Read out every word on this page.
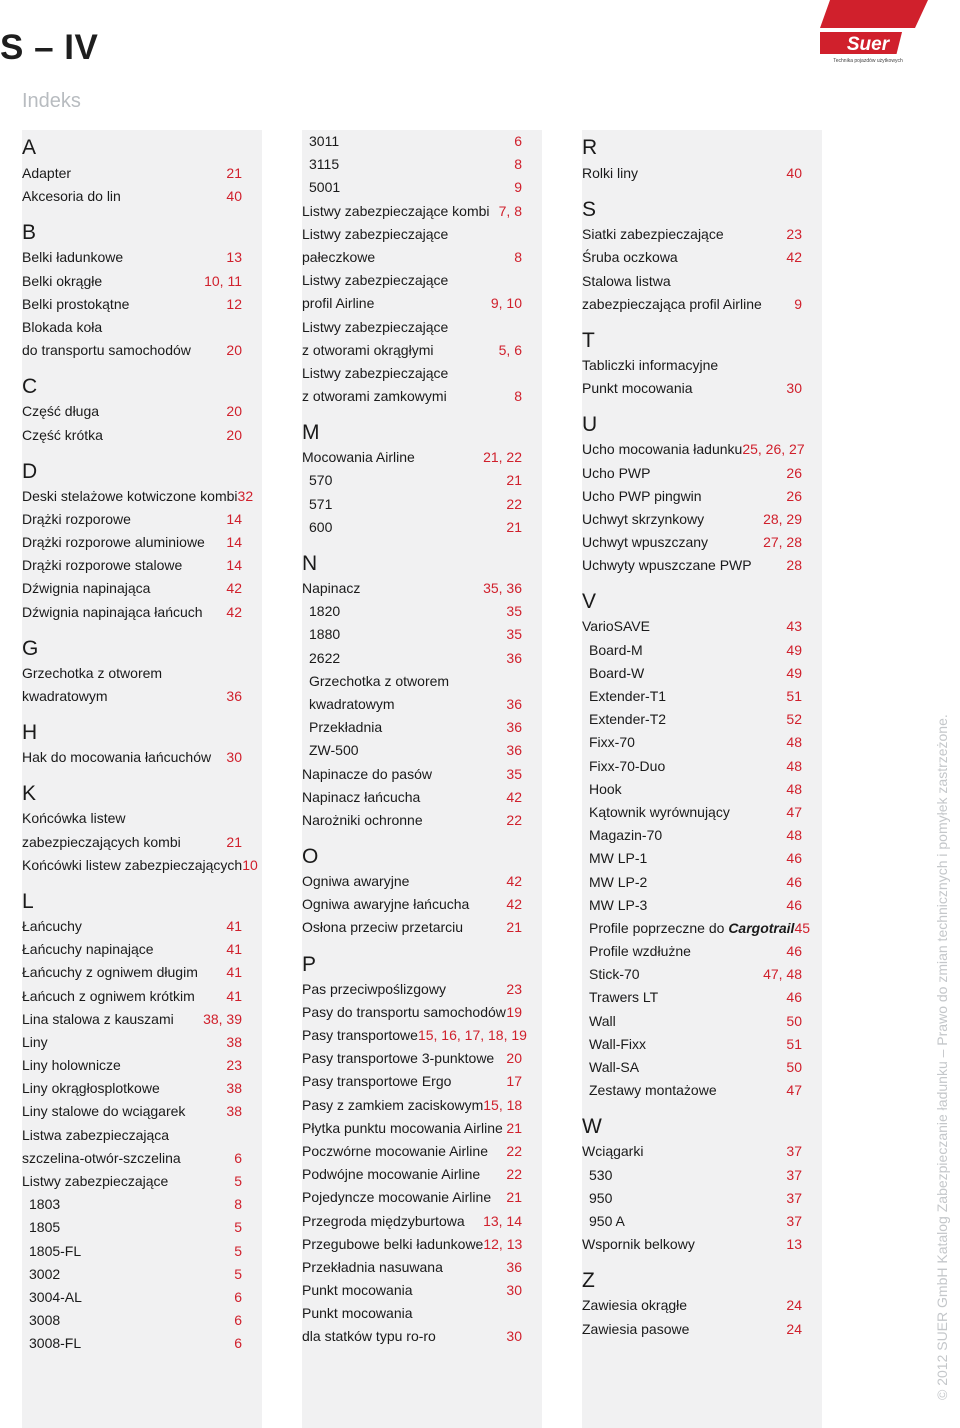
S – IV
Indeks
Suer
Technika pojazdów użytkowych
A
Adapter	21
Akcesoria do lin	40
B
Belki ładunkowe	13
Belki okrągłe	10, 11
Belki prostokątne	12
Blokada koła
do transportu samochodów	20
C
Część długa	20
Część krótka	20
D
Deski stelażowe kotwiczone kombi 32
Drążki rozporowe	14
Drążki rozporowe aluminiowe 14
Drążki rozporowe stalowe	14
Dźwignia napinająca	42
Dźwignia napinająca łańcuch 42
G
Grzechotka z otworem
kwadratowym	36
H
Hak do mocowania łańcuchów 30
K
Końcówka listew
zabezpieczających kombi	21
Końcówki listew zabezpieczających 10
L
Łańcuchy	41
Łańcuchy napinające	41
Łańcuchy z ogniwem długim 41
Łańcuch z ogniwem krótkim 41
Lina stalowa z kauszami 38, 39
Liny	38
Liny holownicze	23
Liny okrągłosplotkowe	38
Liny stalowe do wciągarek	38
Listwa zabezpieczająca
szczelina-otwór-szczelina	6
Listwy zabezpieczające	5
1803	8
1805	5
1805-FL	5
3002	5
3004-AL	6
3008	6
3008-FL	6
3011	6
3115	8
5001	9
Listwy zabezpieczające kombi 7, 8
Listwy zabezpieczające
pałeczkowe	8
Listwy zabezpieczające
profil Airline	9, 10
Listwy zabezpieczające
z otworami okrągłymi	5, 6
Listwy zabezpieczające
z otworami zamkowymi	8
M
Mocowania Airline	21, 22
570	21
571	22
600	21
N
Napinacz	35, 36
1820	35
1880	35
2622	36
Grzechotka z otworem
kwadratowym	36
Przekładnia	36
ZW-500	36
Napinacze do pasów	35
Napinacz łańcucha	42
Narożniki ochronne	22
O
Ogniwa awaryjne	42
Ogniwa awaryjne łańcucha	42
Osłona przeciw przetarciu	21
P
Pas przeciwpoślizgowy	23
Pasy do transportu samochodów 19
Pasy transportowe 15, 16, 17, 18, 19
Pasy transportowe 3-punktowe 20
Pasy transportowe Ergo	17
Pasy z zamkiem zaciskowym 15, 18
Płytka punktu mocowania Airline 21
Poczwórne mocowanie Airline 22
Podwójne mocowanie Airline 22
Pojedyncze mocowanie Airline 21
Przegroda międzyburtowa 13, 14
Przegubowe belki ładunkowe 12, 13
Przekładnia nasuwana	36
Punkt mocowania	30
Punkt mocowania
dla statków typu ro-ro	30
R
Rolki liny	40
S
Siatki zabezpieczające	23
Śruba oczkowa	42
Stalowa listwa
zabezpieczająca profil Airline 9
T
Tabliczki informacyjne
Punkt mocowania	30
U
Ucho mocowania ładunku 25, 26, 27
Ucho PWP	26
Ucho PWP pingwin	26
Uchwyt skrzynkowy	28, 29
Uchwyt wpuszczany	27, 28
Uchwyty wpuszczane PWP 28
V
VarioSAVE	43
Board-M	49
Board-W	49
Extender-T1	51
Extender-T2	52
Fixx-70	48
Fixx-70-Duo	48
Hook	48
Kątownik wyrównujący	47
Magazin-70	48
MW LP-1	46
MW LP-2	46
MW LP-3	46
Profile poprzeczne do Cargotrail 45
Profile wzdłużne	46
Stick-70	47, 48
Trawers LT	46
Wall	50
Wall-Fixx	51
Wall-SA	50
Zestawy montażowe	47
W
Wciągarki	37
530	37
950	37
950 A	37
Wspornik belkowy	13
Z
Zawiesia okrągłe	24
Zawiesia pasowe	24	© 2012 SUER GmbH Katalog Zabezpieczanie ładunku – Prawo do zmian technicznych i pomyłek zastrzeżone.
